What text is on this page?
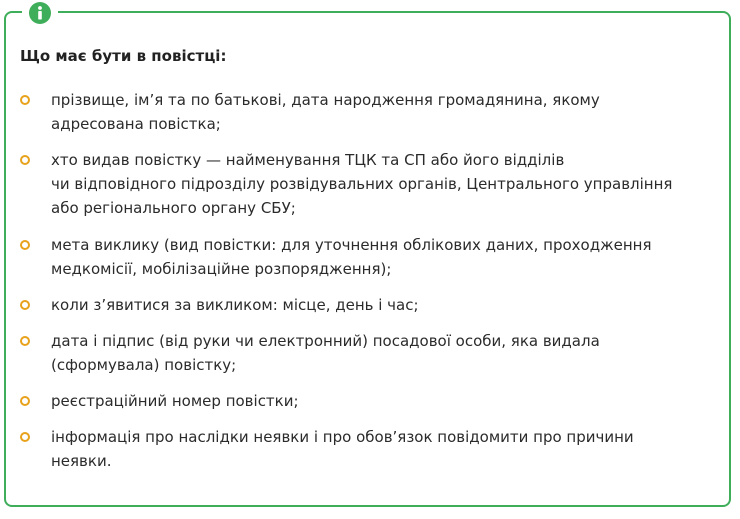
Що має бути в повістці:
прізвище, ім’я та по батькові, дата народження громадянина, якому
адресована повістка;
хто видав повістку — найменування ТЦК та СП або його відділів
чи відповідного підрозділу розвідувальних органів, Центрального управління
або регіонального органу СБУ;
мета виклику (вид повістки: для уточнення облікових даних, проходження
медкомісії, мобілізаційне розпорядження);
коли з’явитися за викликом: місце, день і час;
дата і підпис (від руки чи електронний) посадової особи, яка видала
(сформувала) повістку;
реєстраційний номер повістки;
інформація про наслідки неявки і про обов’язок повідомити про причини
неявки.
